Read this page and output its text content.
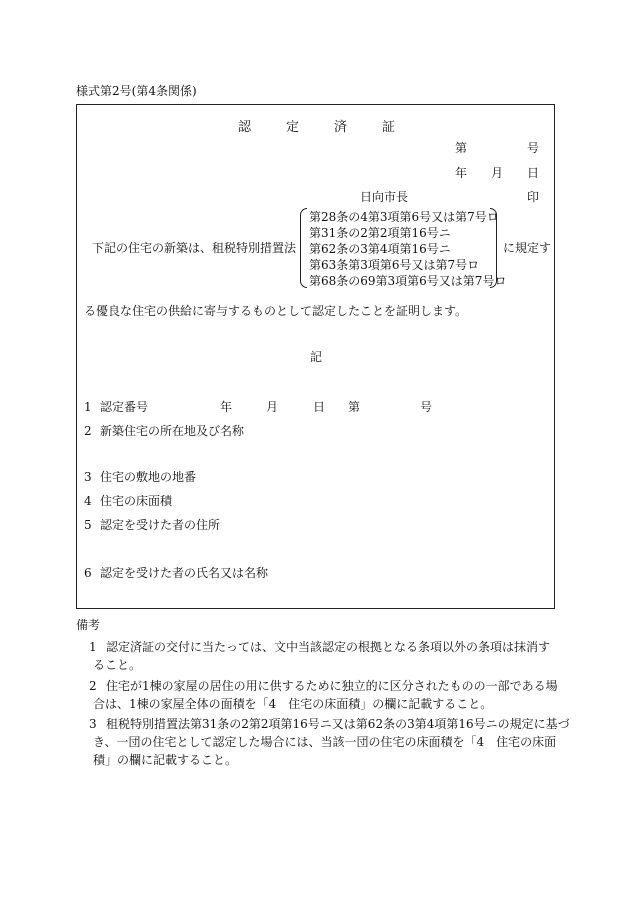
様式第2号(第4条関係)
認	定	済	証
第	号
年 月 日
日向市長	印
下記の住宅の新築は、租税特別措置法
第28条の4第3項第6号又は第7号ロ
第31条の2第2項第16号ニ
第62条の3第4項第16号ニ
第63条第3項第6号又は第7号ロ
第68条の69第3項第6号又は第7号ロ
に規定す
る優良な住宅の供給に寄与するものとして認定したことを証明します。
記
1 認定番号	年	月	日 第	号
2 新築住宅の所在地及び名称
3 住宅の敷地の地番
4 住宅の床面積
5 認定を受けた者の住所
6 認定を受けた者の氏名又は名称
備考
1 認定済証の交付に当たっては、文中当該認定の根拠となる条項以外の条項は抹消す
ること。
2 住宅が1棟の家屋の居住の用に供するために独立的に区分されたものの一部である場
合は、1棟の家屋全体の面積を「4　住宅の床面積」の欄に記載すること。
3 租税特別措置法第31条の2第2項第16号ニ又は第62条の3第4項第16号ニの規定に基づ
き、一団の住宅として認定した場合には、当該一団の住宅の床面積を「4　住宅の床面
積」の欄に記載すること。
